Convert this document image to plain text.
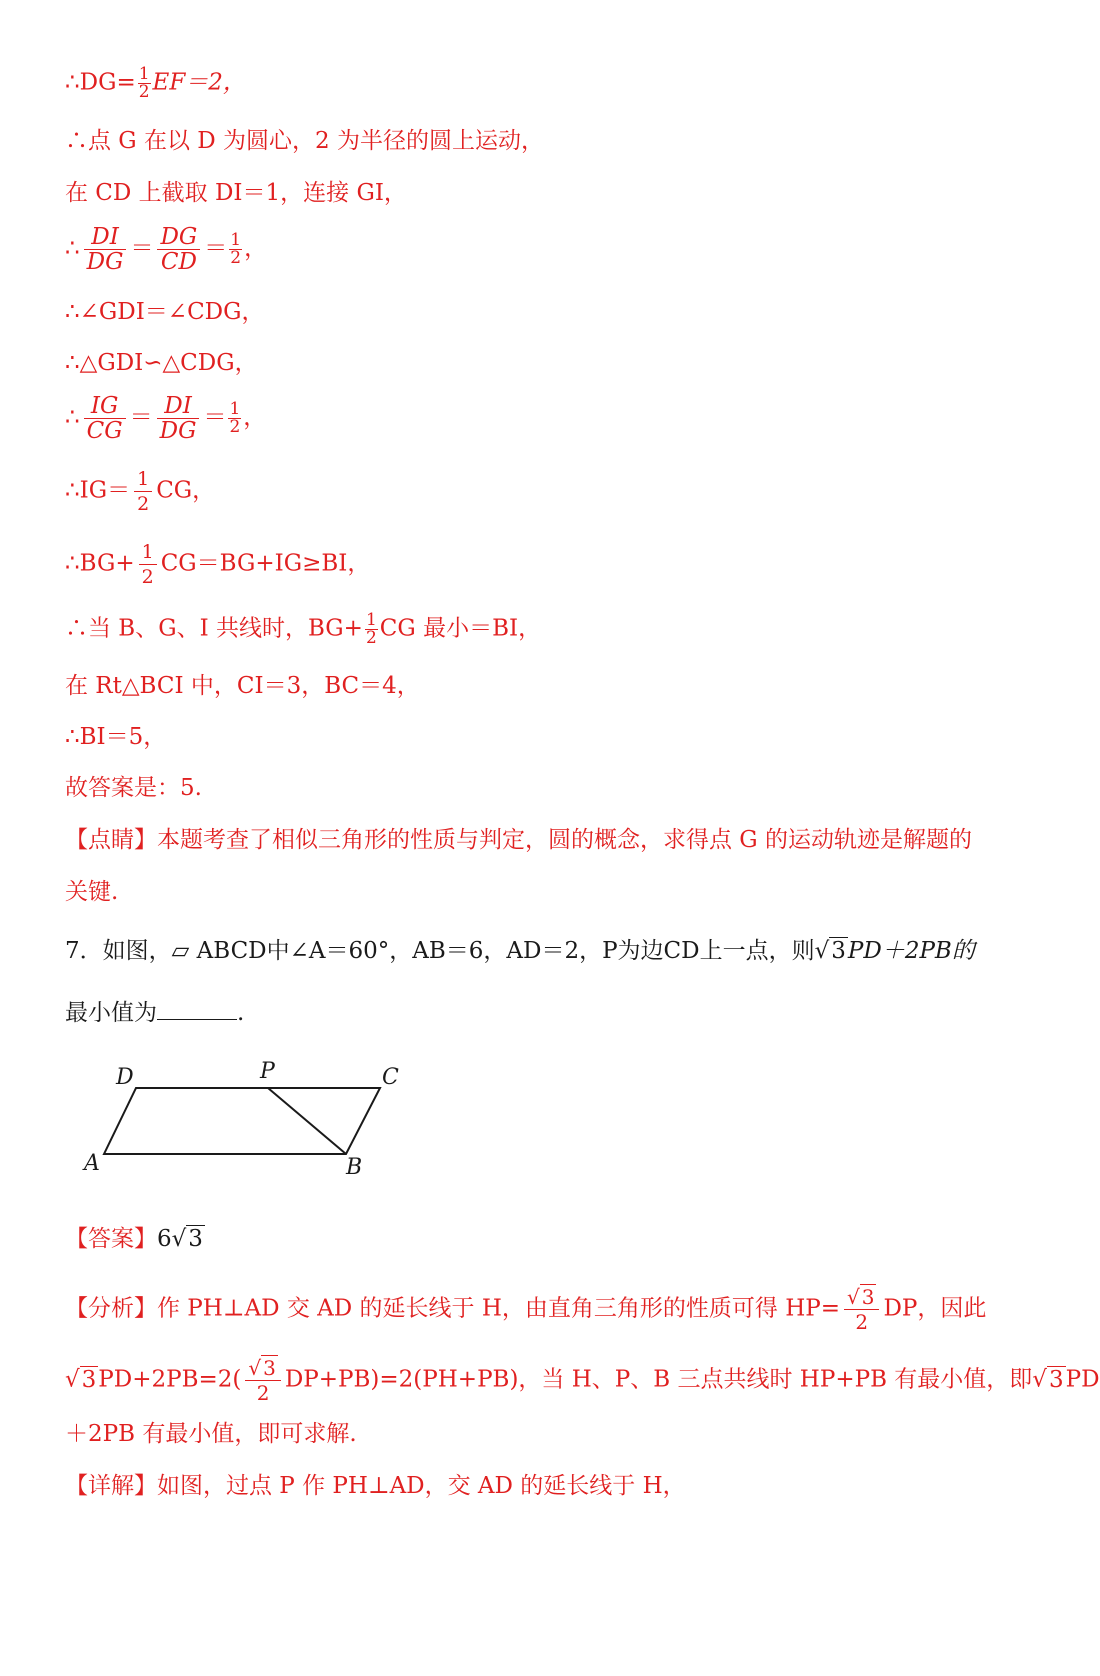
∴DG= $\frac{1}{2} EF=2$，
∴点 G 在以 D 为圆心，2 为半径的圆上运动，
在 CD 上截取 DI＝1，连接 GI，
∴ $\frac{DI}{DG} = \frac{DG}{CD} = \frac{1}{2}$ ，
∴∠GDI＝∠CDG，
∴△GDI∽△CDG，
∴ $\frac{IG}{CG} = \frac{DI}{DG} = \frac{1}{2}$ ，
∴IG＝ $\frac{1}{2}$ CG，
∴BG+ $\frac{1}{2} CG=BG+IG\ge BI$，
∴当 B、G、I 共线时，$BG+ \frac{1}{2}$ CG 最小＝BI，
在 Rt△BCI 中，CI＝3，BC＝4，
∴BI＝5，
故答案是：5.
【点睛】本题考查了相似三角形的性质与判定，圆的概念，求得点 G 的运动轨迹是解题的
关键.
7．如图，▱ ABCD中∠A＝60°，AB＝6，AD＝2，P为边CD上一点，则√3PD＋2PB的
最小值为	.
D	P	C
A	B
【答案】6√3
【分析】作 PH⊥AD 交 AD 的延长线于 H，由直角三角形的性质可得 $HP= \frac{√ 3}{2}$ DP，因此
$√3PD+2PB=2( \frac{√ 3}{2} DP+PB)=2(PH+PB)$，当 H、P、B 三点共线时 HP+PB 有最小值，即√3PD
＋2PB 有最小值，即可求解.
【详解】如图，过点 P 作 PH⊥AD，交 AD 的延长线于 H，
